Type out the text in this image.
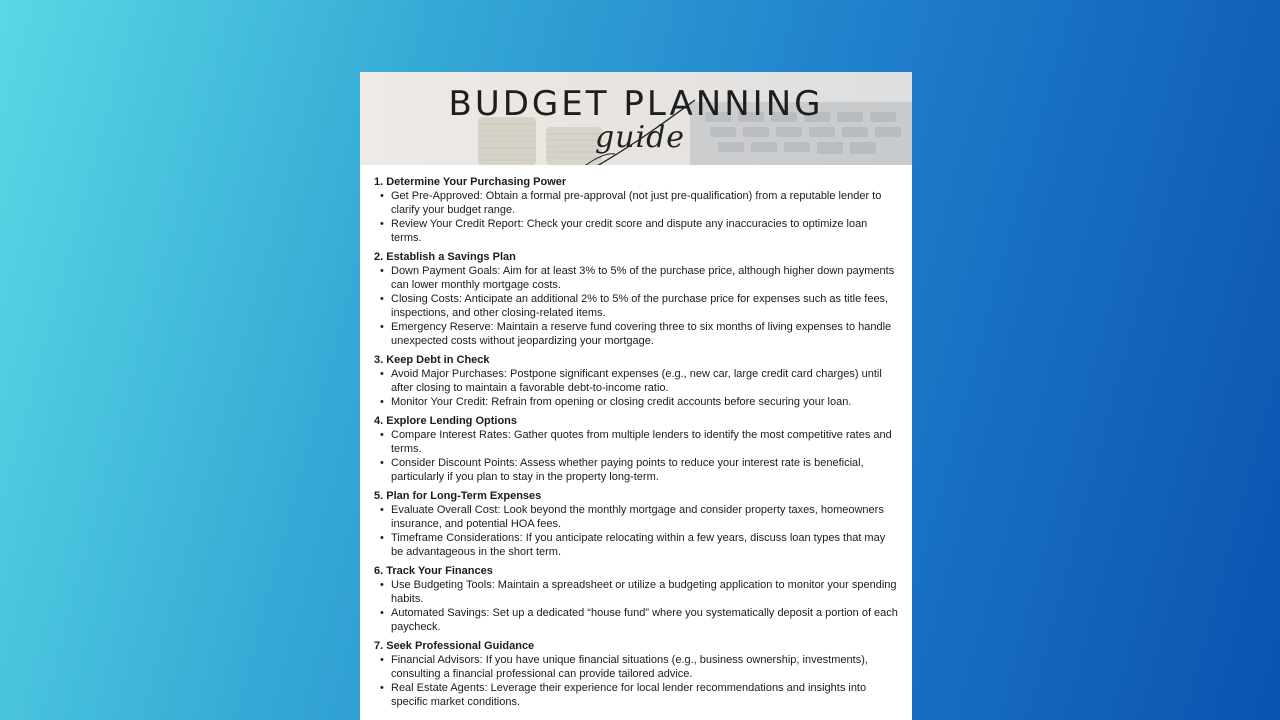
BUDGET PLANNING
guide

1. Determine Your Purchasing Power

• Get Pre-Approved: Obtain a formal pre-approval (not just pre-qualification) from a reputable lender to clarify your budget range.
• Review Your Credit Report: Check your credit score and dispute any inaccuracies to optimize loan terms.

2. Establish a Savings Plan

• Down Payment Goals: Aim for at least 3% to 5% of the purchase price, although higher down payments can lower monthly mortgage costs.
• Closing Costs: Anticipate an additional 2% to 5% of the purchase price for expenses such as title fees, inspections, and other closing-related items.
• Emergency Reserve: Maintain a reserve fund covering three to six months of living expenses to handle unexpected costs without jeopardizing your mortgage.

3. Keep Debt in Check

• Avoid Major Purchases: Postpone significant expenses (e.g., new car, large credit card charges) until after closing to maintain a favorable debt-to-income ratio.
• Monitor Your Credit: Refrain from opening or closing credit accounts before securing your loan.

4. Explore Lending Options

• Compare Interest Rates: Gather quotes from multiple lenders to identify the most competitive rates and terms.
• Consider Discount Points: Assess whether paying points to reduce your interest rate is beneficial, particularly if you plan to stay in the property long-term.

5. Plan for Long-Term Expenses

• Evaluate Overall Cost: Look beyond the monthly mortgage and consider property taxes, homeowners insurance, and potential HOA fees.
• Timeframe Considerations: If you anticipate relocating within a few years, discuss loan types that may be advantageous in the short term.

6. Track Your Finances

• Use Budgeting Tools: Maintain a spreadsheet or utilize a budgeting application to monitor your spending habits.
• Automated Savings: Set up a dedicated “house fund” where you systematically deposit a portion of each paycheck.

7. Seek Professional Guidance

• Financial Advisors: If you have unique financial situations (e.g., business ownership, investments), consulting a financial professional can provide tailored advice.
• Real Estate Agents: Leverage their experience for local lender recommendations and insights into specific market conditions.
